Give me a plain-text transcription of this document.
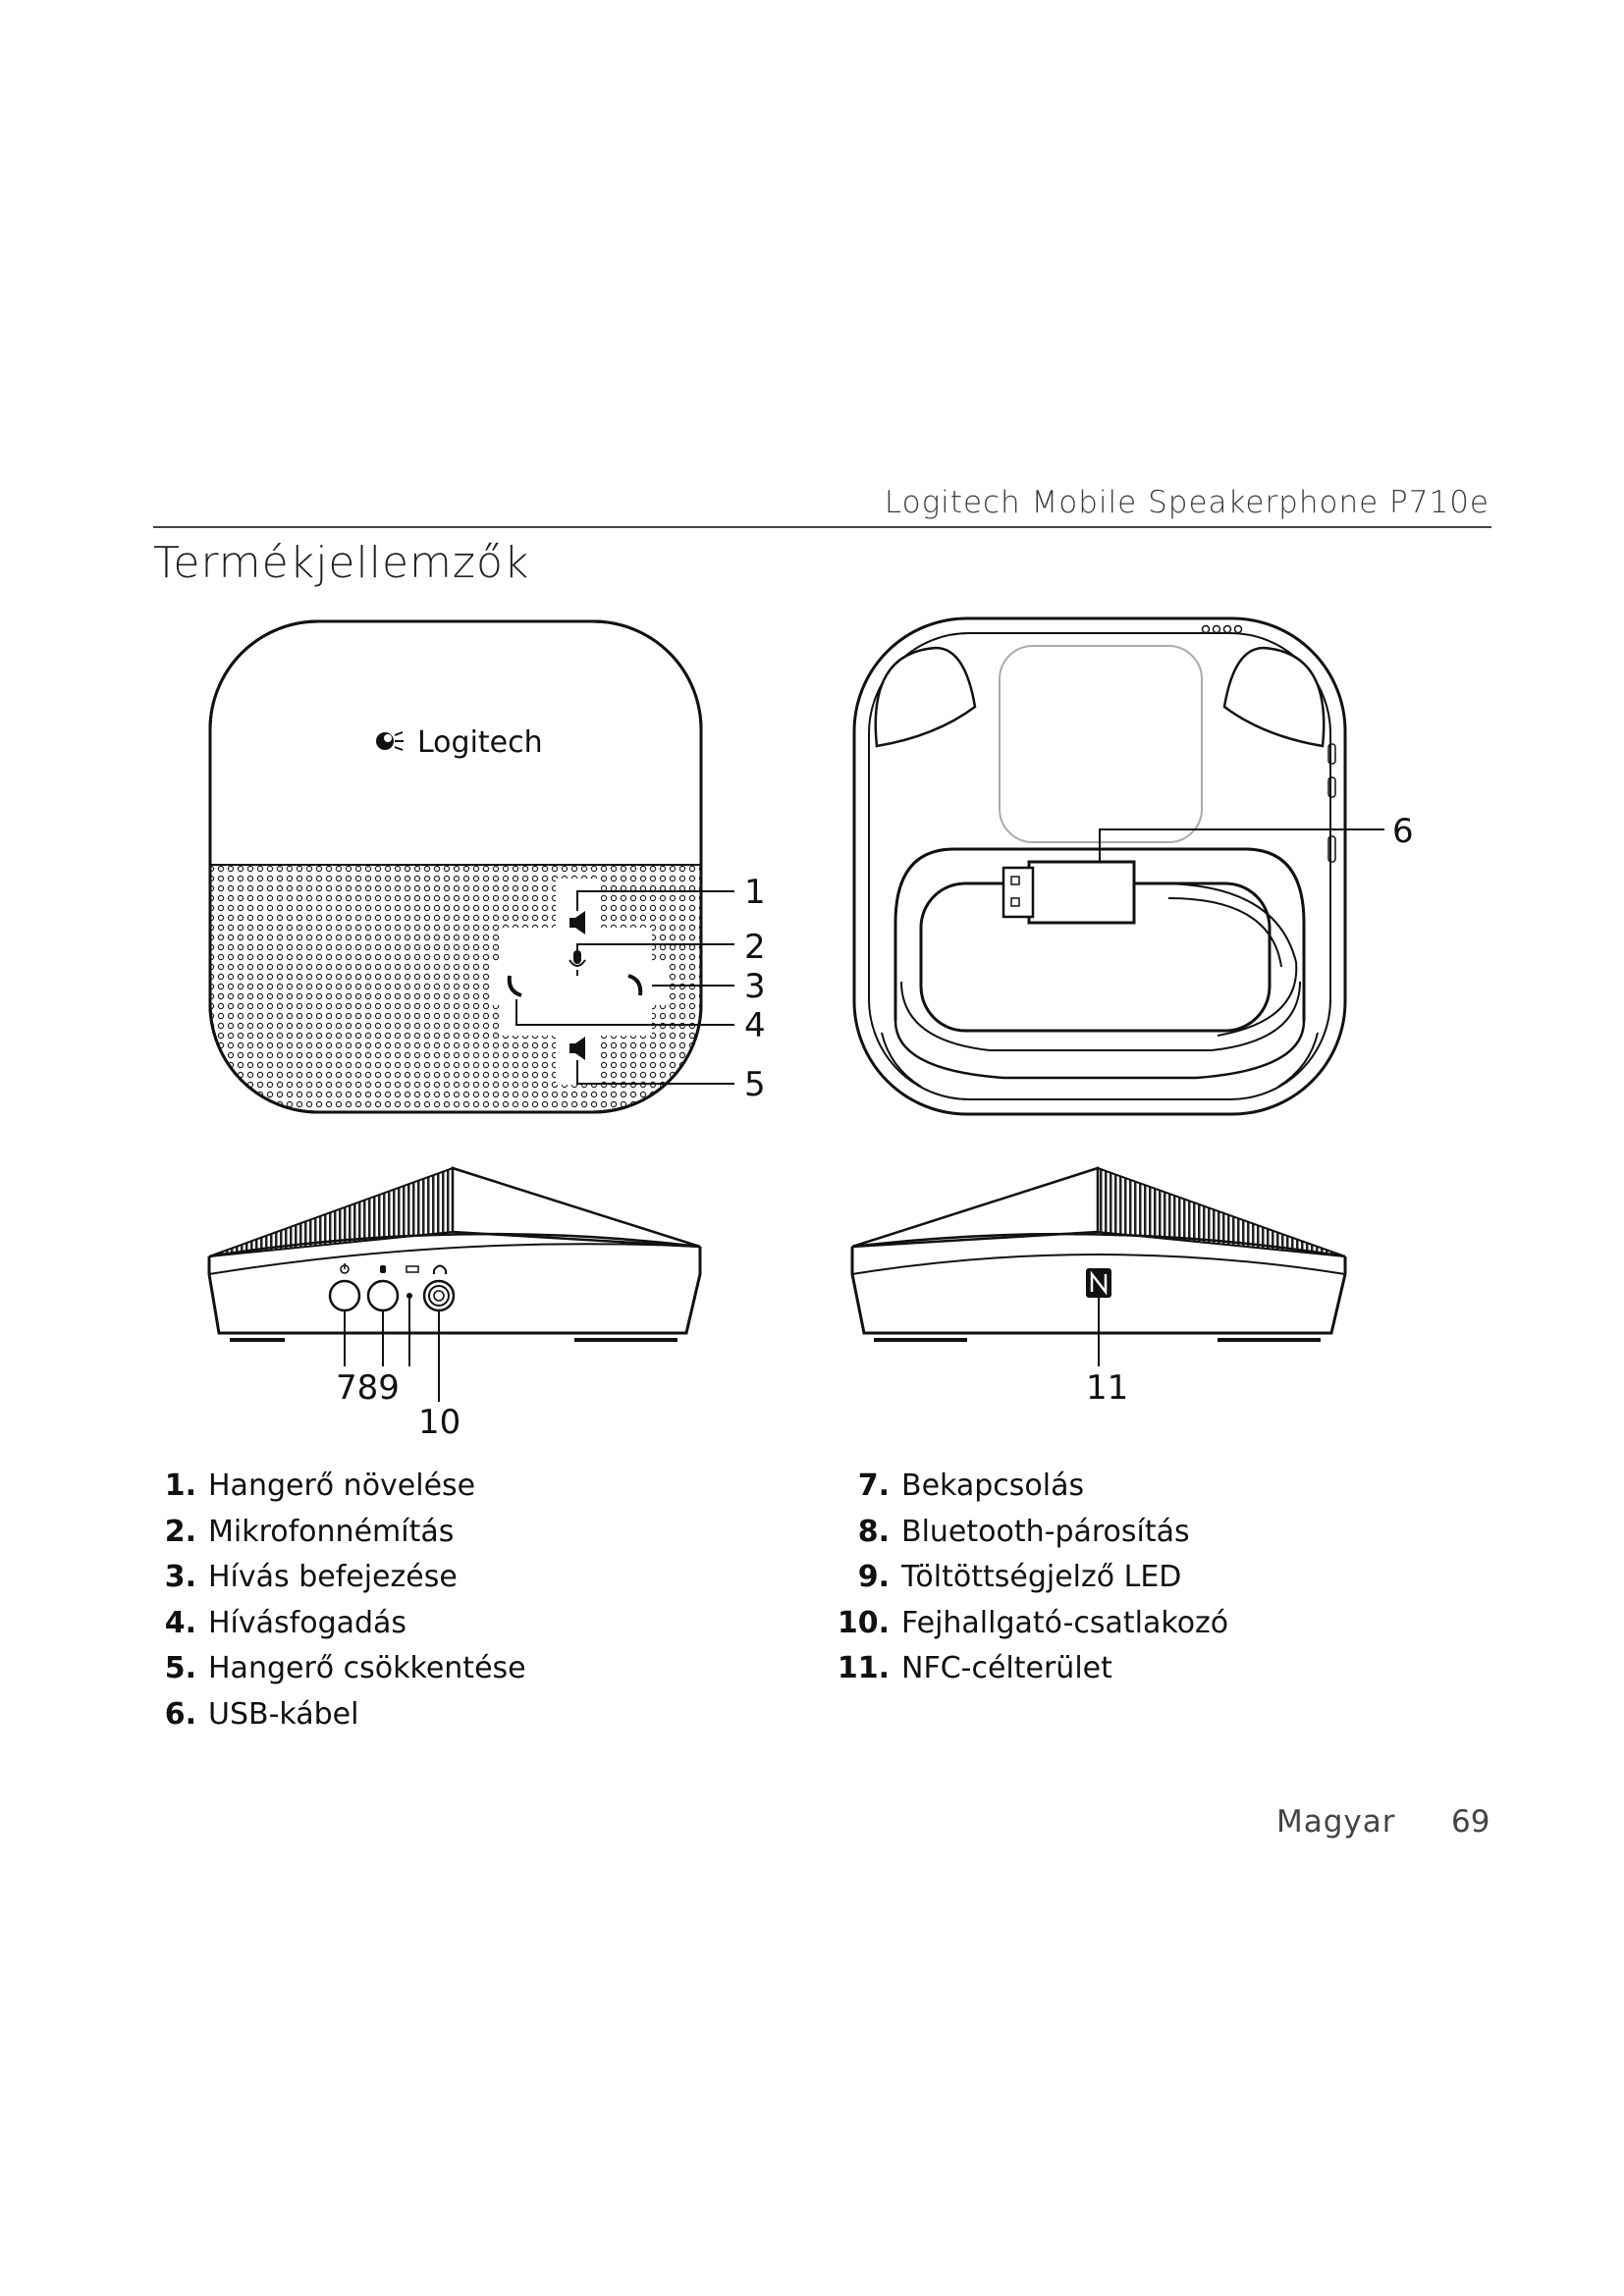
Logitech Mobile Speakerphone P710e
Termékjellemzők
Logitech
1
2
3
4
5
6
789
10
11
1. Hangerő növelése
2. Mikrofonnémítás
3. Hívás befejezése
4. Hívásfogadás
5. Hangerő csökkentése
6. USB-kábel
7. Bekapcsolás
8. Bluetooth-párosítás
9. Töltöttségjelző LED
10. Fejhallgató-csatlakozó
11. NFC-célterület
Magyar 69
